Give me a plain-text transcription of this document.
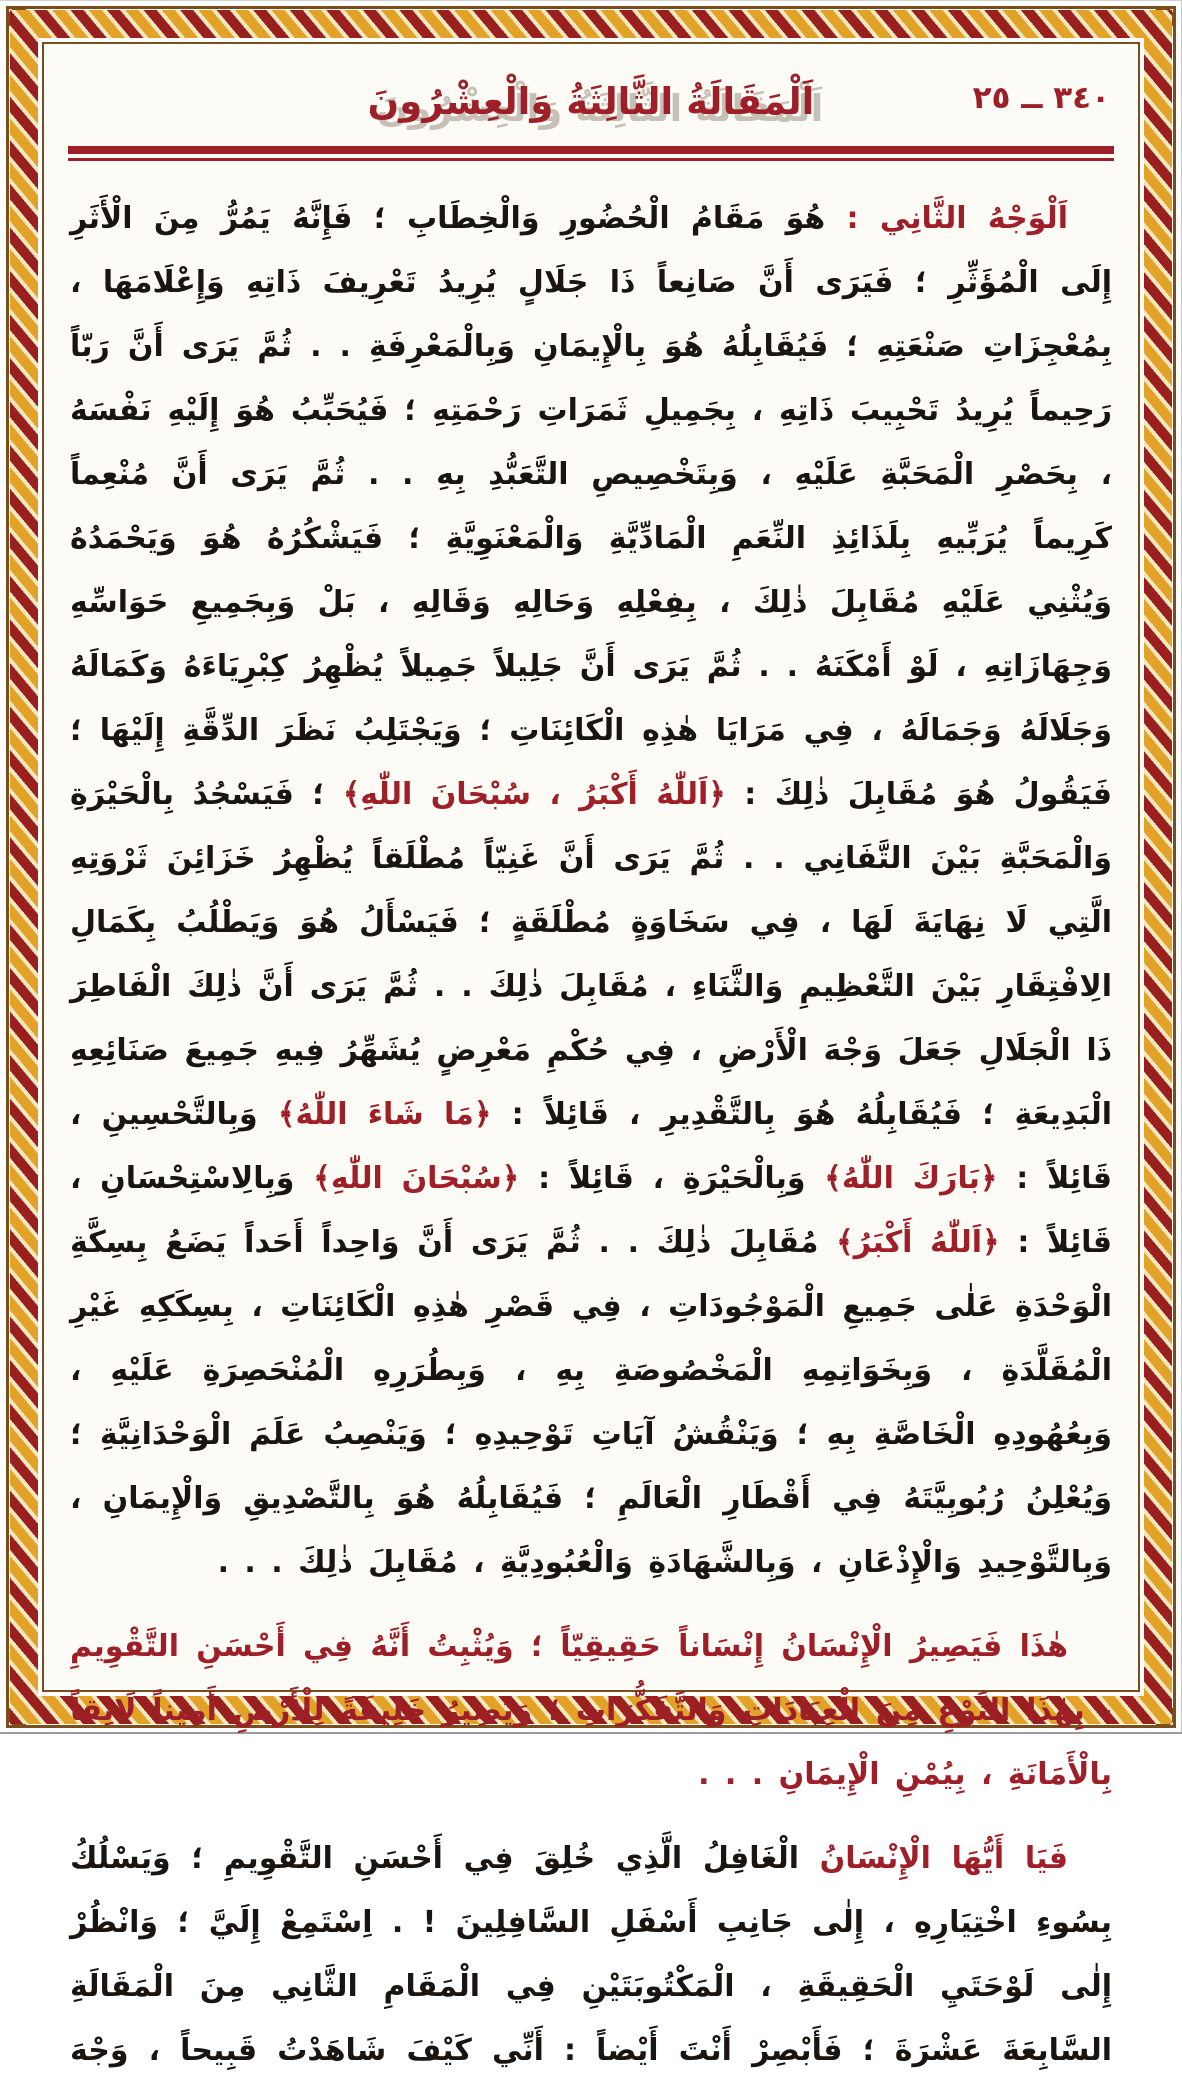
٣٤٠ ــ ٢٥
اَلْمَقَالَةُ الثَّالِثَةُ وَالْعِشْرُونَ

اَلْوَجْهُ الثَّانِي : هُوَ مَقَامُ الْحُضُورِ وَالْخِطَابِ ؛ فَإِنَّهُ يَمُرُّ مِنَ الْأَثَرِ إِلَى الْمُؤَثِّرِ ؛ فَيَرَى أَنَّ صَانِعاً ذَا جَلَالٍ يُرِيدُ تَعْرِيفَ ذَاتِهِ وَإِعْلَامَهَا ، بِمُعْجِزَاتِ صَنْعَتِهِ ؛ فَيُقَابِلُهُ هُوَ بِالْإِيمَانِ وَبِالْمَعْرِفَةِ . . ثُمَّ يَرَى أَنَّ رَبّاً رَحِيماً يُرِيدُ تَحْبِيبَ ذَاتِهِ ، بِجَمِيلِ ثَمَرَاتِ رَحْمَتِهِ ؛ فَيُحَبِّبُ هُوَ إِلَيْهِ نَفْسَهُ ، بِحَصْرِ الْمَحَبَّةِ عَلَيْهِ ، وَبِتَخْصِيصِ التَّعَبُّدِ بِهِ . . ثُمَّ يَرَى أَنَّ مُنْعِماً كَرِيماً يُرَبِّيهِ بِلَذَائِذِ النِّعَمِ الْمَادِّيَّةِ وَالْمَعْنَوِيَّةِ ؛ فَيَشْكُرُهُ هُوَ وَيَحْمَدُهُ وَيُثْنِي عَلَيْهِ مُقَابِلَ ذٰلِكَ ، بِفِعْلِهِ وَحَالِهِ وَقَالِهِ ، بَلْ وَبِجَمِيعِ حَوَاسِّهِ وَجِهَازَاتِهِ ، لَوْ أَمْكَنَهُ . . ثُمَّ يَرَى أَنَّ جَلِيلاً جَمِيلاً يُظْهِرُ كِبْرِيَاءَهُ وَكَمَالَهُ وَجَلَالَهُ وَجَمَالَهُ ، فِي مَرَايَا هٰذِهِ الْكَائِنَاتِ ؛ وَيَجْتَلِبُ نَظَرَ الدِّقَّةِ إِلَيْهَا ؛ فَيَقُولُ هُوَ مُقَابِلَ ذٰلِكَ : ﴿اَللّٰهُ أَكْبَرُ ، سُبْحَانَ اللّٰهِ﴾ ؛ فَيَسْجُدُ بِالْحَيْرَةِ وَالْمَحَبَّةِ بَيْنَ التَّفَانِي . . ثُمَّ يَرَى أَنَّ غَنِيّاً مُطْلَقاً يُظْهِرُ خَزَائِنَ ثَرْوَتِهِ الَّتِي لَا نِهَايَةَ لَهَا ، فِي سَخَاوَةٍ مُطْلَقَةٍ ؛ فَيَسْأَلُ هُوَ وَيَطْلُبُ بِكَمَالِ الِافْتِقَارِ بَيْنَ التَّعْظِيمِ وَالثَّنَاءِ ، مُقَابِلَ ذٰلِكَ . . ثُمَّ يَرَى أَنَّ ذٰلِكَ الْفَاطِرَ ذَا الْجَلَالِ جَعَلَ وَجْهَ الْأَرْضِ ، فِي حُكْمِ مَعْرِضٍ يُشَهِّرُ فِيهِ جَمِيعَ صَنَائِعِهِ الْبَدِيعَةِ ؛ فَيُقَابِلُهُ هُوَ بِالتَّقْدِيرِ ، قَائِلاً : ﴿مَا شَاءَ اللّٰهُ﴾ وَبِالتَّحْسِينِ ، قَائِلاً : ﴿بَارَكَ اللّٰهُ﴾ وَبِالْحَيْرَةِ ، قَائِلاً : ﴿سُبْحَانَ اللّٰهِ﴾ وَبِالِاسْتِحْسَانِ ، قَائِلاً : ﴿اَللّٰهُ أَكْبَرُ﴾ مُقَابِلَ ذٰلِكَ . . ثُمَّ يَرَى أَنَّ وَاحِداً أَحَداً يَضَعُ بِسِكَّةِ الْوَحْدَةِ عَلٰى جَمِيعِ الْمَوْجُودَاتِ ، فِي قَصْرِ هٰذِهِ الْكَائِنَاتِ ، بِسِكَكِهِ غَيْرِ الْمُقَلَّدَةِ ، وَبِخَوَاتِمِهِ الْمَخْصُوصَةِ بِهِ ، وَبِطُرَرِهِ الْمُنْحَصِرَةِ عَلَيْهِ ، وَبِعُهُودِهِ الْخَاصَّةِ بِهِ ؛ وَيَنْقُشُ آيَاتِ تَوْحِيدِهِ ؛ وَيَنْصِبُ عَلَمَ الْوَحْدَانِيَّةِ ؛ وَيُعْلِنُ رُبُوبِيَّتَهُ فِي أَقْطَارِ الْعَالَمِ ؛ فَيُقَابِلُهُ هُوَ بِالتَّصْدِيقِ وَالْإِيمَانِ ، وَبِالتَّوْحِيدِ وَالْإِذْعَانِ ، وَبِالشَّهَادَةِ وَالْعُبُودِيَّةِ ، مُقَابِلَ ذٰلِكَ . . .

هٰذَا فَيَصِيرُ الْإِنْسَانُ إِنْسَاناً حَقِيقِيّاً ؛ وَيُثْبِتُ أَنَّهُ فِي أَحْسَنِ التَّقْوِيمِ ، بِهٰذَا النَّوْعِ مِنَ الْعِبَادَاتِ وَالتَّفَكُّرَاتِ ؛ وَيَصِيرُ خَلِيفَةً لِلْأَرْضِ أَمِيناً لَائِقاً بِالْأَمَانَةِ ، بِيُمْنِ الْإِيمَانِ . . .

فَيَا أَيُّهَا الْإِنْسَانُ الْغَافِلُ الَّذِي خُلِقَ فِي أَحْسَنِ التَّقْوِيمِ ؛ وَيَسْلُكُ بِسُوءِ اخْتِيَارِهِ ، إِلٰى جَانِبِ أَسْفَلِ السَّافِلِينَ ! . اِسْتَمِعْ إِلَيَّ ؛ وَانْظُرْ إِلٰى لَوْحَتَيِ الْحَقِيقَةِ ، الْمَكْتُوبَتَيْنِ فِي الْمَقَامِ الثَّانِي مِنَ الْمَقَالَةِ السَّابِعَةَ عَشْرَةَ ؛ فَأَبْصِرْ أَنْتَ أَيْضاً : أَنِّي كَيْفَ شَاهَدْتُ قَبِيحاً ، وَجْهَ
